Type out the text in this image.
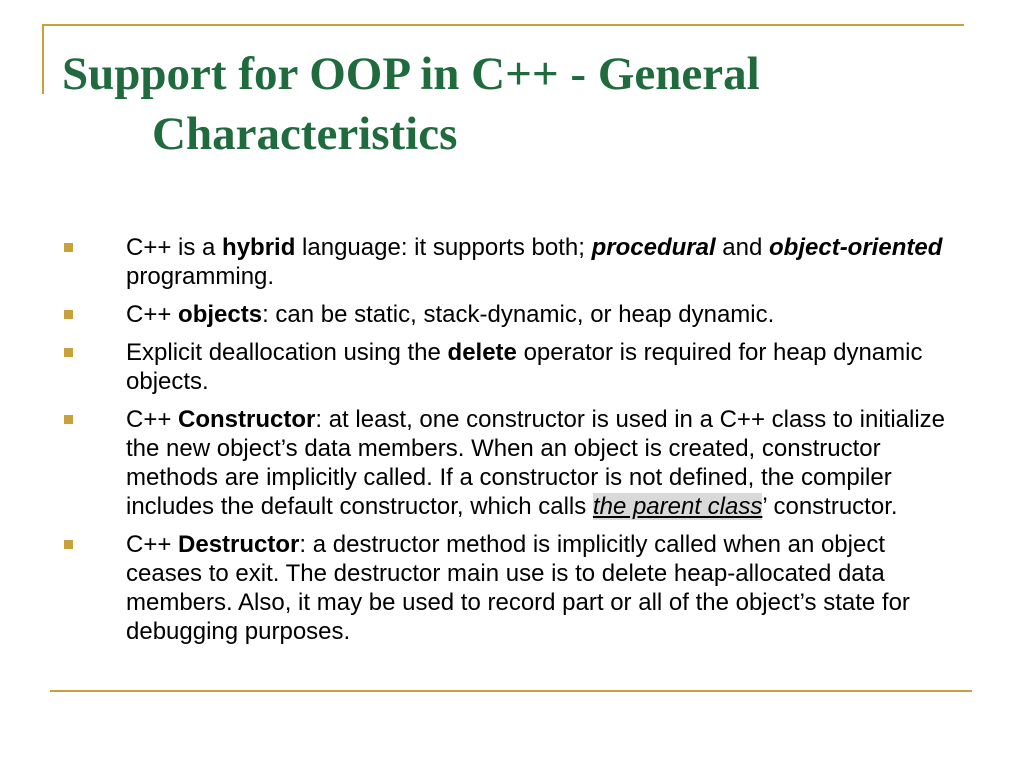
Support for OOP in C++ - General
Characteristics
C++ is a hybrid language: it supports both; procedural and object-oriented programming.
C++ objects: can be static, stack-dynamic, or heap dynamic.
Explicit deallocation using the delete operator is required for heap dynamic objects.
C++ Constructor: at least, one constructor is used in a C++ class to initialize the new object’s data members. When an object is created, constructor methods are implicitly called. If a constructor is not defined, the compiler includes the default constructor, which calls the parent class’ constructor.
C++ Destructor: a destructor method is implicitly called when an object ceases to exit. The destructor main use is to delete heap-allocated data members. Also, it may be used to record part or all of the object’s state for debugging purposes.
